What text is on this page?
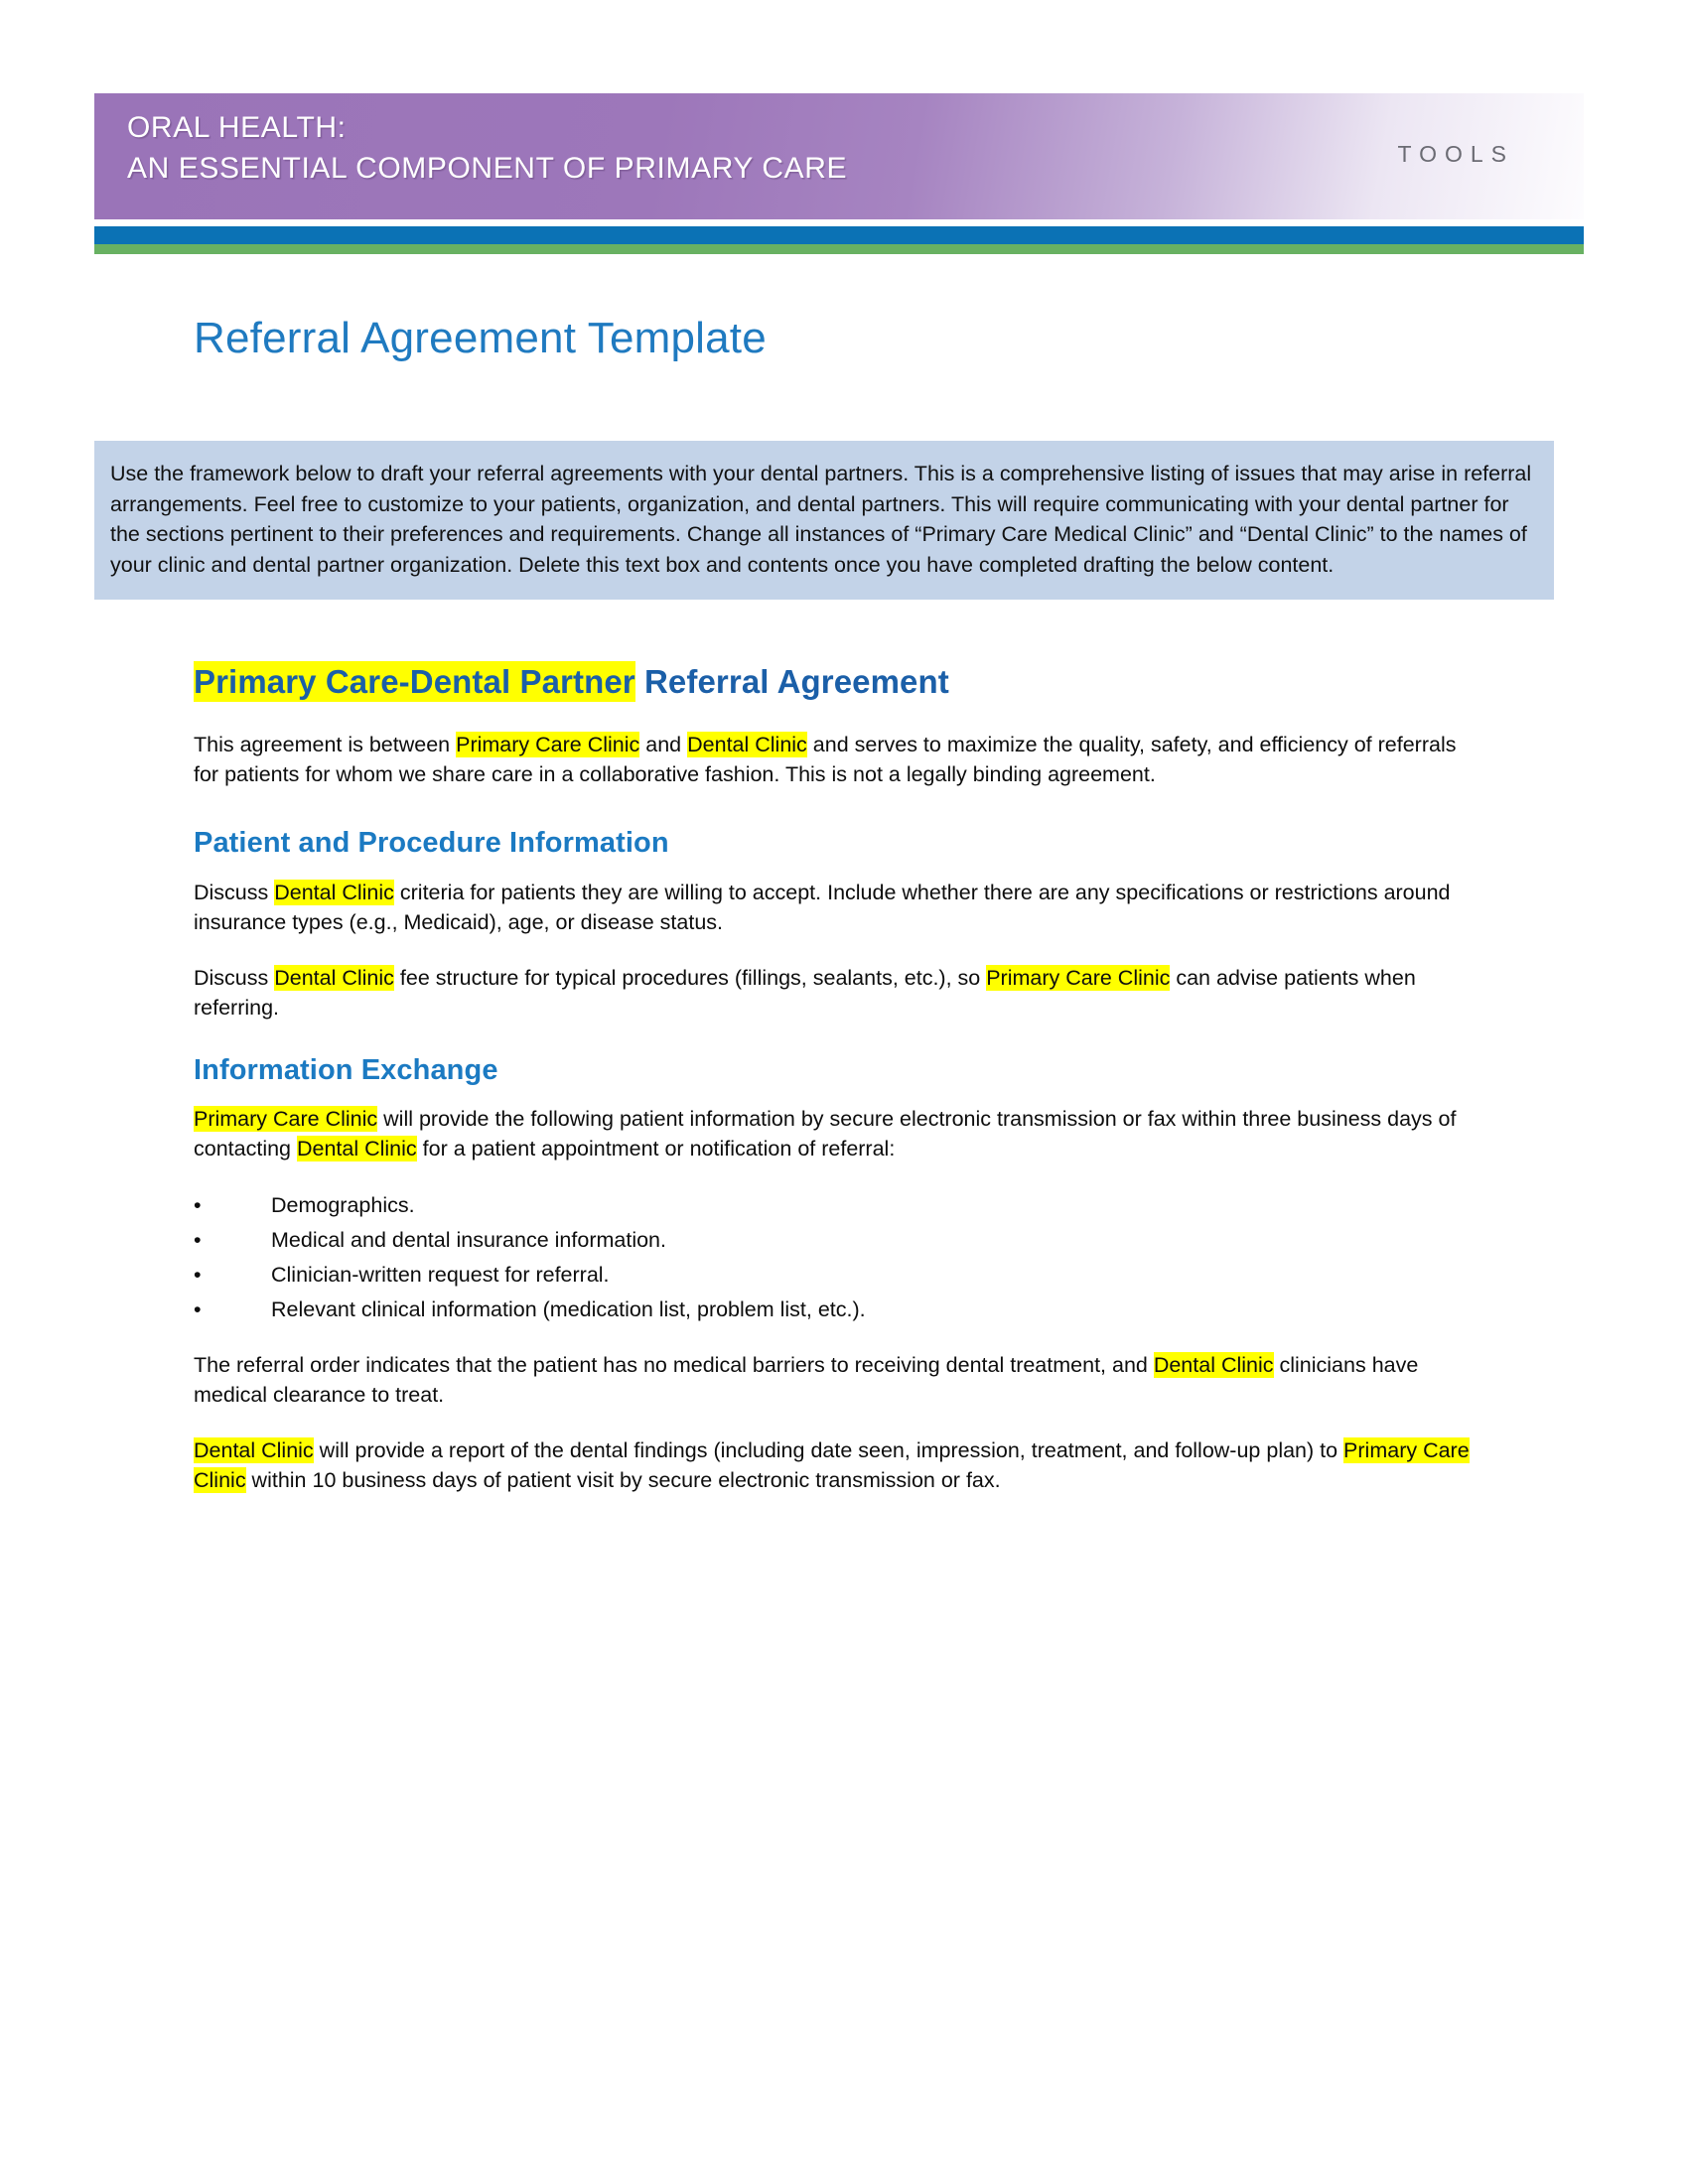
ORAL HEALTH:
AN ESSENTIAL COMPONENT OF PRIMARY CARE	TOOLS
Referral Agreement Template

Use the framework below to draft your referral agreements with your dental partners. This is a comprehensive listing of issues that may arise in referral arrangements. Feel free to customize to your patients, organization, and dental partners. This will require communicating with your dental partner for the sections pertinent to their preferences and requirements. Change all instances of “Primary Care Medical Clinic” and “Dental Clinic” to the names of your clinic and dental partner organization. Delete this text box and contents once you have completed drafting the below content.

Primary Care-Dental Partner Referral Agreement

This agreement is between Primary Care Clinic and Dental Clinic and serves to maximize the quality, safety, and efficiency of referrals for patients for whom we share care in a collaborative fashion. This is not a legally binding agreement.

Patient and Procedure Information

Discuss Dental Clinic criteria for patients they are willing to accept. Include whether there are any specifications or restrictions around insurance types (e.g., Medicaid), age, or disease status.

Discuss Dental Clinic fee structure for typical procedures (fillings, sealants, etc.), so Primary Care Clinic can advise patients when referring.

Information Exchange

Primary Care Clinic will provide the following patient information by secure electronic transmission or fax within three business days of contacting Dental Clinic for a patient appointment or notification of referral:

•	Demographics.
•	Medical and dental insurance information.
•	Clinician-written request for referral.
•	Relevant clinical information (medication list, problem list, etc.).

The referral order indicates that the patient has no medical barriers to receiving dental treatment, and Dental Clinic clinicians have medical clearance to treat.

Dental Clinic will provide a report of the dental findings (including date seen, impression, treatment, and follow-up plan) to Primary Care Clinic within 10 business days of patient visit by secure electronic transmission or fax.
